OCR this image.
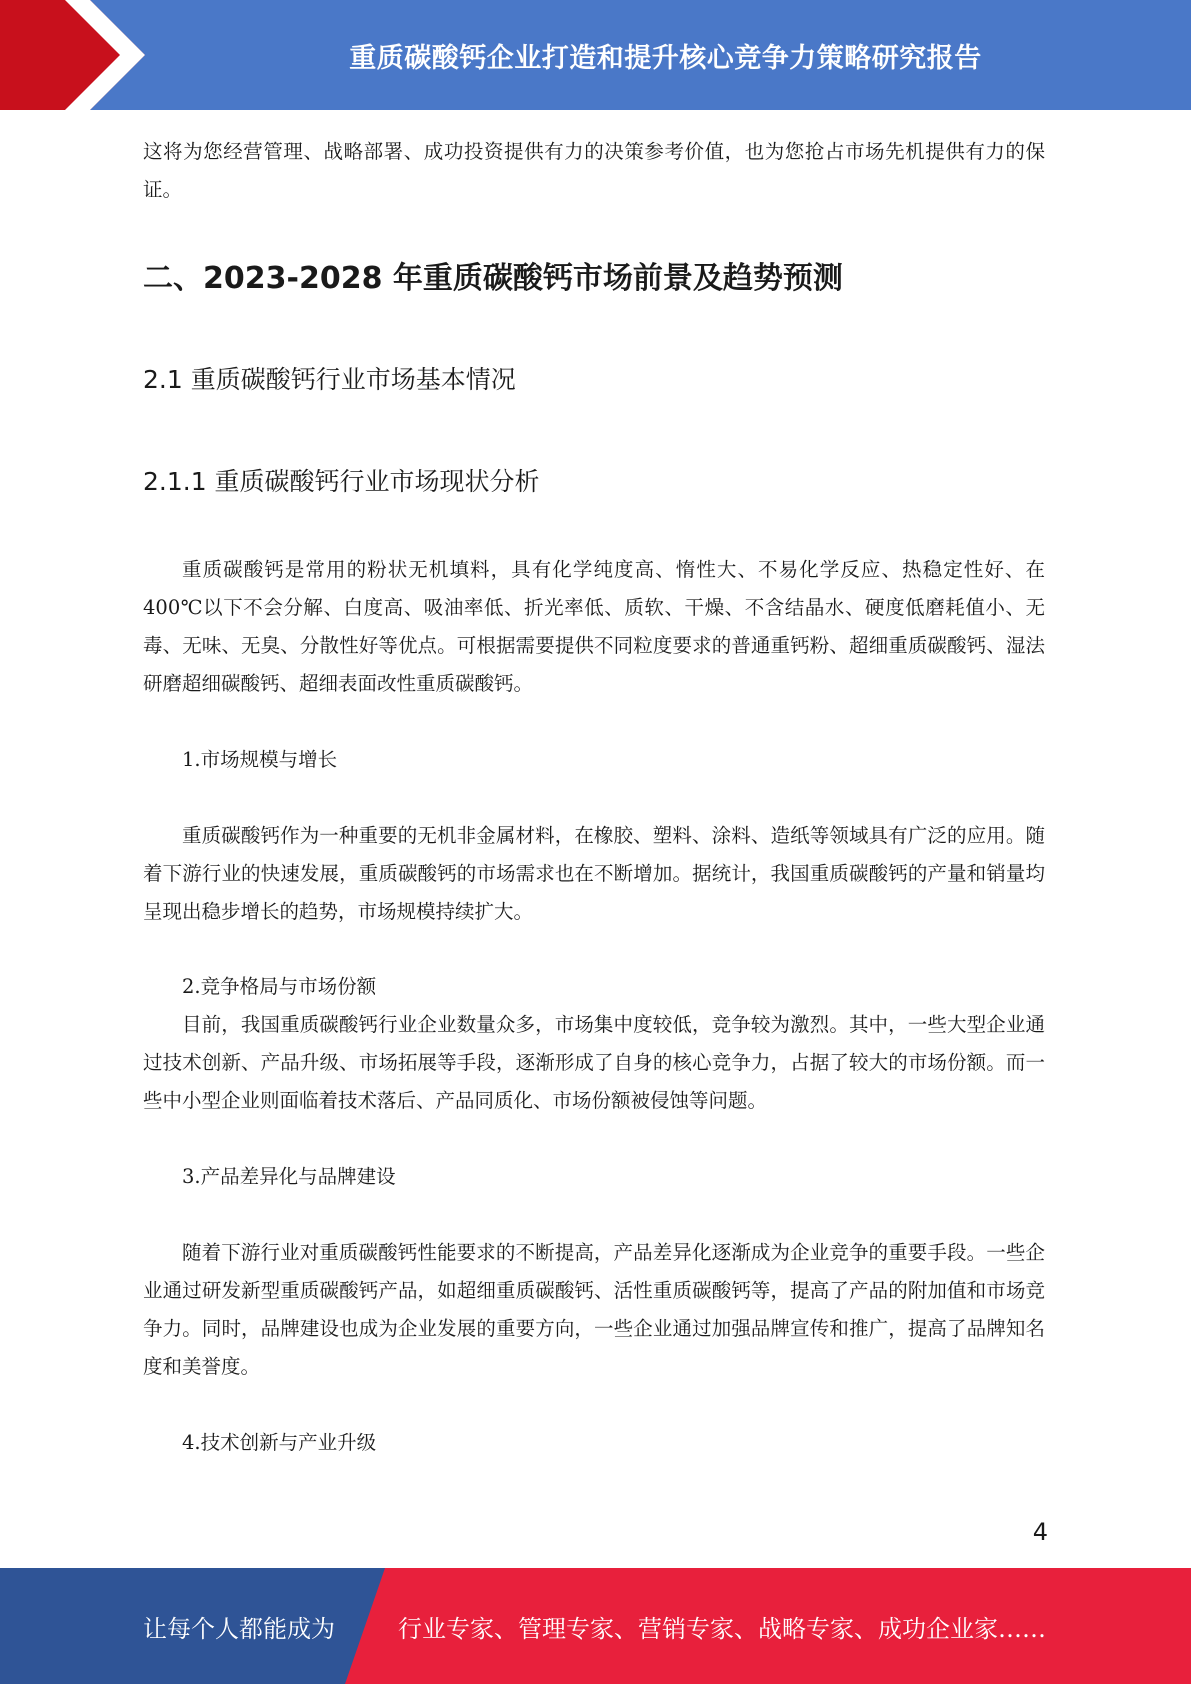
重质碳酸钙企业打造和提升核心竞争力策略研究报告

这将为您经营管理、战略部署、成功投资提供有力的决策参考价值，也为您抢占市场先机提供有力的保证。

二、2023-2028 年重质碳酸钙市场前景及趋势预测
2.1 重质碳酸钙行业市场基本情况
2.1.1 重质碳酸钙行业市场现状分析

重质碳酸钙是常用的粉状无机填料，具有化学纯度高、惰性大、不易化学反应、热稳定性好、在 400℃以下不会分解、白度高、吸油率低、折光率低、质软、干燥、不含结晶水、硬度低磨耗值小、无毒、无味、无臭、分散性好等优点。可根据需要提供不同粒度要求的普通重钙粉、超细重质碳酸钙、湿法研磨超细碳酸钙、超细表面改性重质碳酸钙。

1.市场规模与增长

重质碳酸钙作为一种重要的无机非金属材料，在橡胶、塑料、涂料、造纸等领域具有广泛的应用。随着下游行业的快速发展，重质碳酸钙的市场需求也在不断增加。据统计，我国重质碳酸钙的产量和销量均呈现出稳步增长的趋势，市场规模持续扩大。

2.竞争格局与市场份额

目前，我国重质碳酸钙行业企业数量众多，市场集中度较低，竞争较为激烈。其中，一些大型企业通过技术创新、产品升级、市场拓展等手段，逐渐形成了自身的核心竞争力，占据了较大的市场份额。而一些中小型企业则面临着技术落后、产品同质化、市场份额被侵蚀等问题。

3.产品差异化与品牌建设

随着下游行业对重质碳酸钙性能要求的不断提高，产品差异化逐渐成为企业竞争的重要手段。一些企业通过研发新型重质碳酸钙产品，如超细重质碳酸钙、活性重质碳酸钙等，提高了产品的附加值和市场竞争力。同时，品牌建设也成为企业发展的重要方向，一些企业通过加强品牌宣传和推广，提高了品牌知名度和美誉度。

4.技术创新与产业升级

4
让每个人都能成为	行业专家、管理专家、营销专家、战略专家、成功企业家……
